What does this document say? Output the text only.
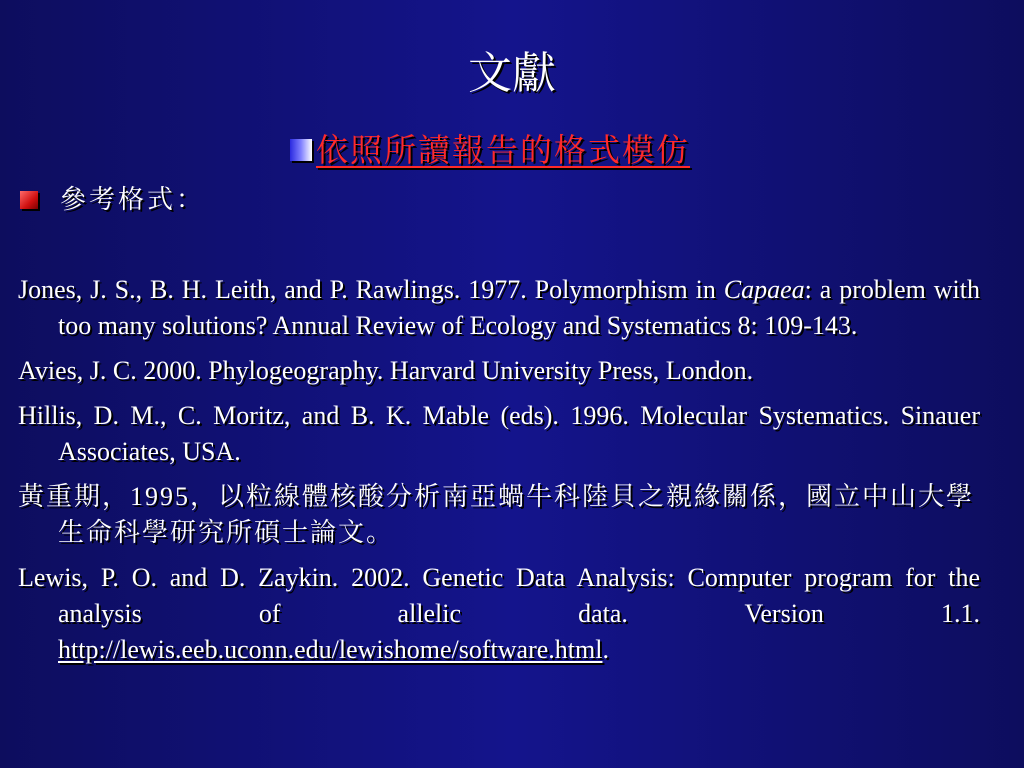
文獻
依照所讀報告的格式模仿
參考格式：

Jones, J. S., B. H. Leith, and P. Rawlings. 1977. Polymorphism in Capaea: a problem with too many solutions? Annual Review of Ecology and Systematics 8: 109-143.

Avies, J. C. 2000. Phylogeography. Harvard University Press, London.

Hillis, D. M., C. Moritz, and B. K. Mable (eds). 1996. Molecular Systematics. Sinauer Associates, USA.

黃重期，1995，以粒線體核酸分析南亞蝸牛科陸貝之親緣關係，國立中山大學生命科學研究所碩士論文。

Lewis, P. O. and D. Zaykin. 2002. Genetic Data Analysis: Computer program for the analysis of allelic data. Version 1.1. http://lewis.eeb.uconn.edu/lewishome/software.html.
